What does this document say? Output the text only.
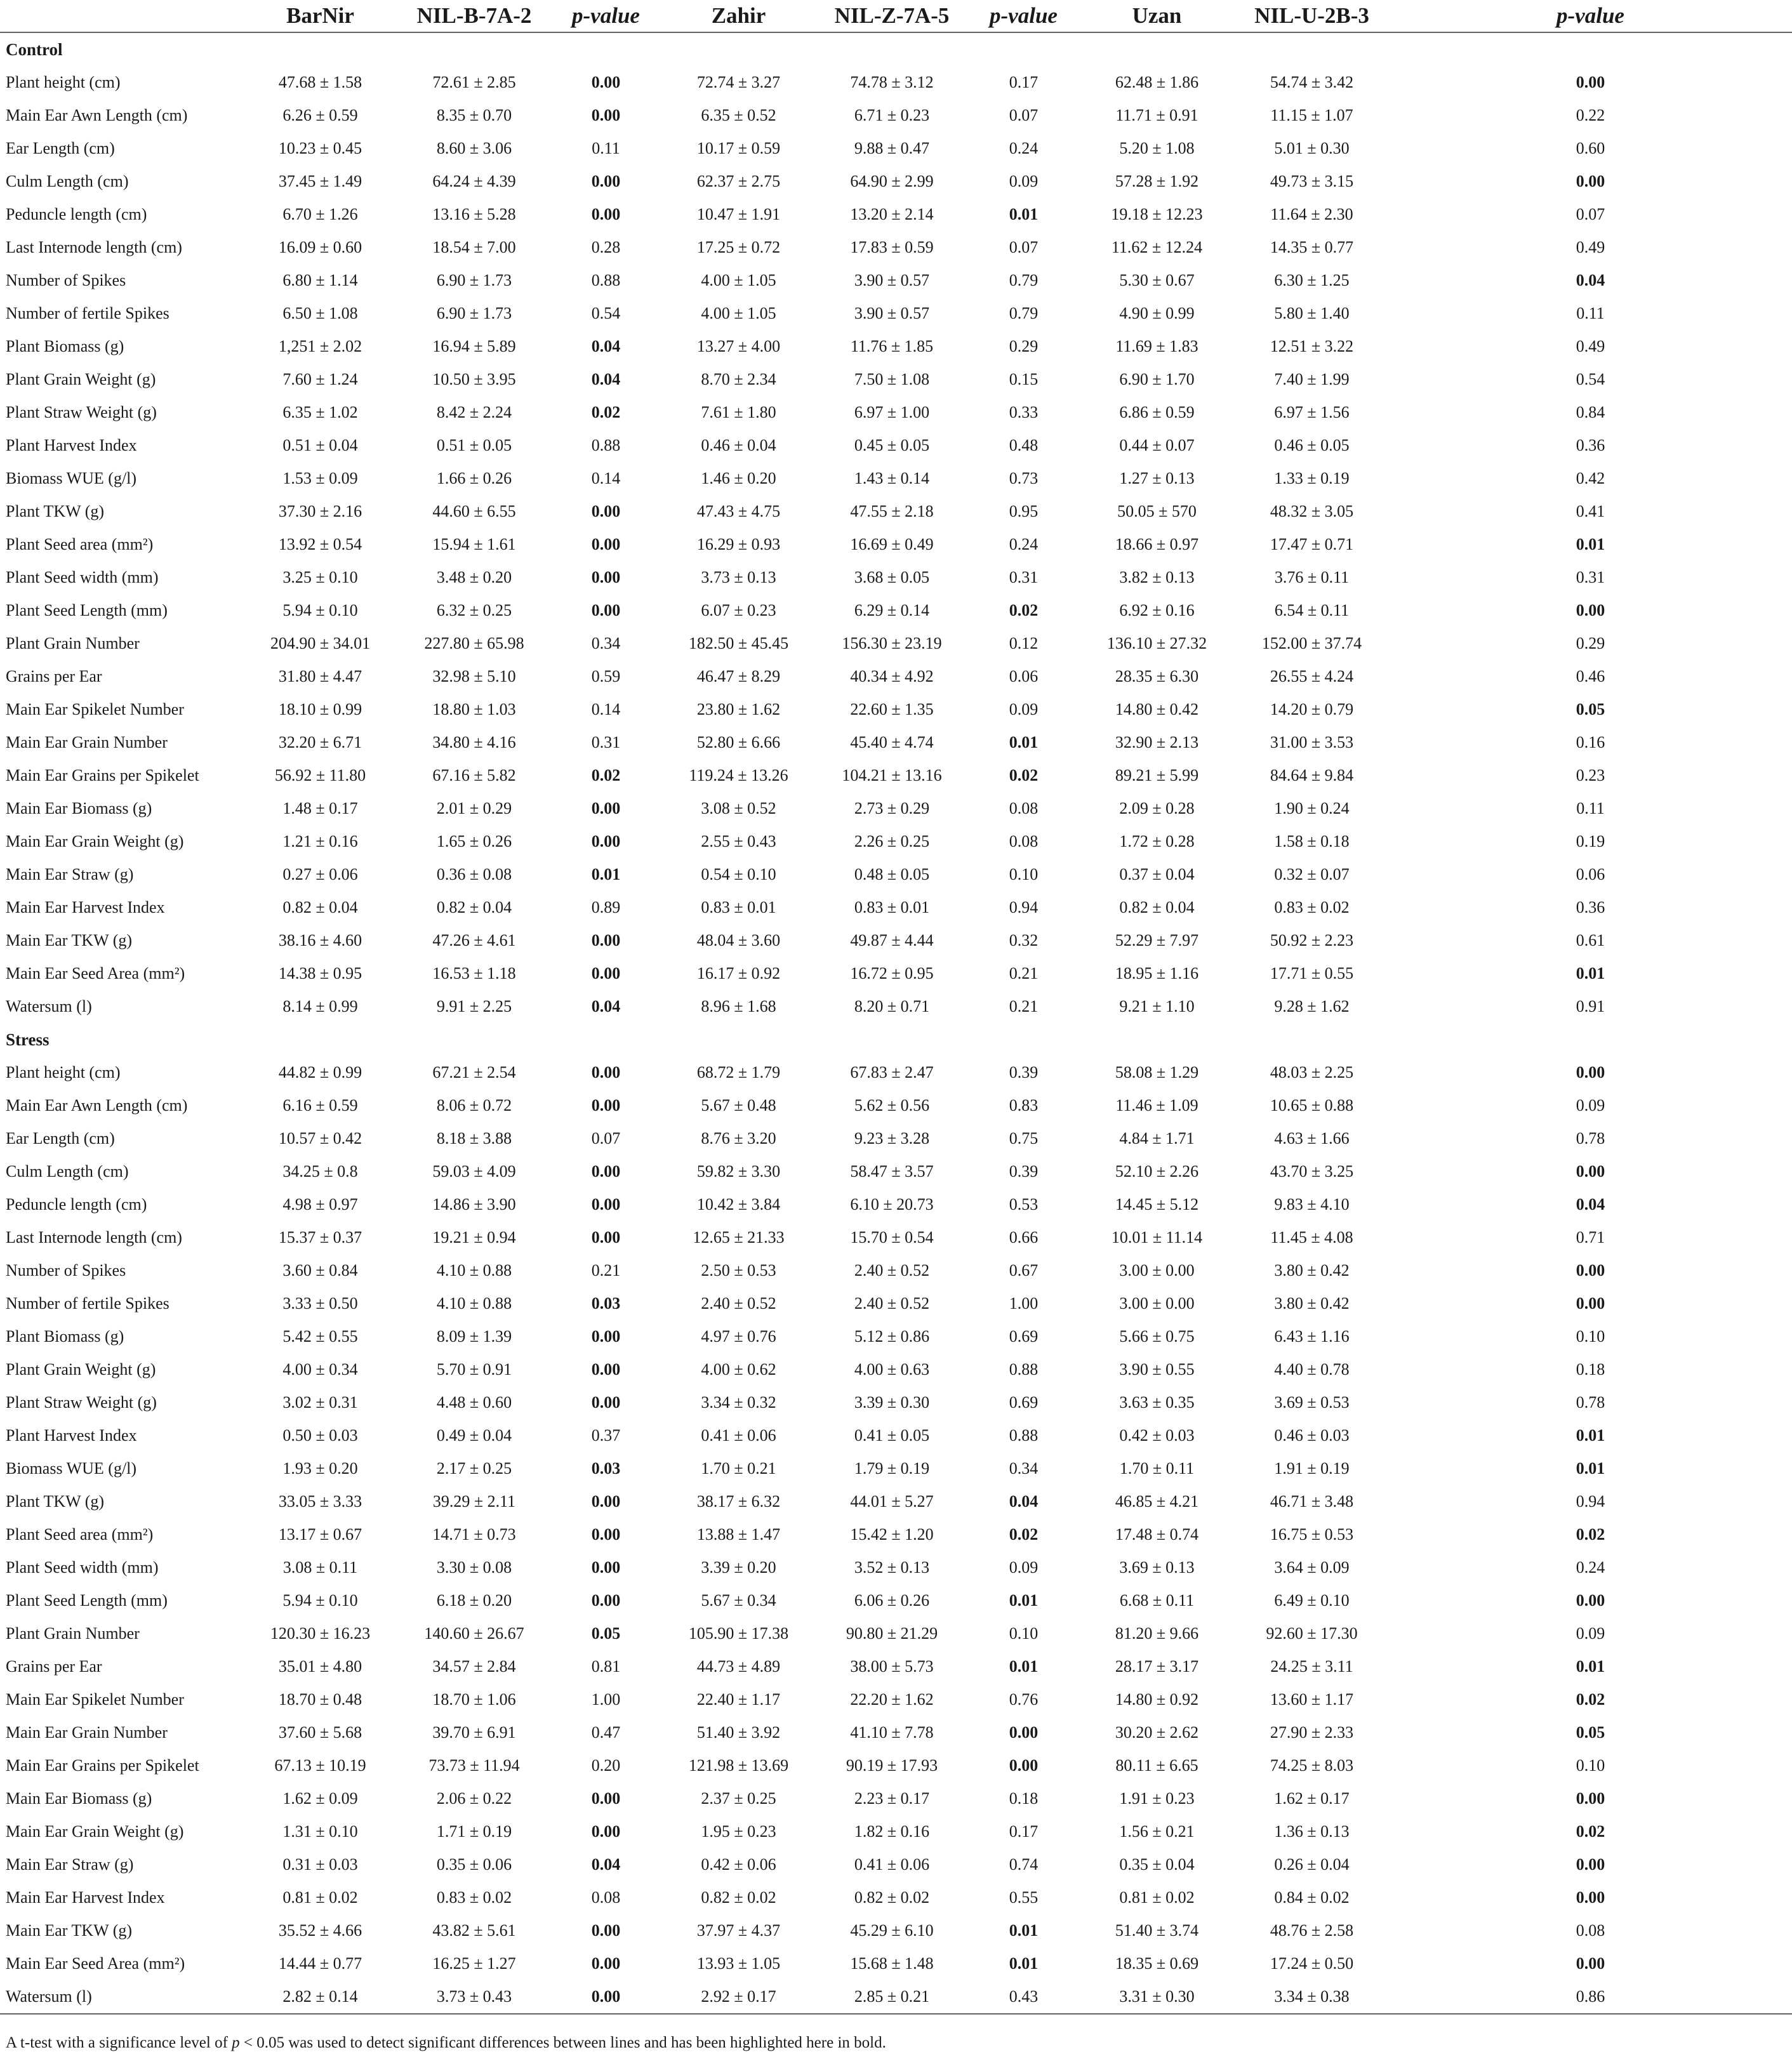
	BarNir	NIL-B-7A-2	p-value	Zahir	NIL-Z-7A-5	p-value	Uzan	NIL-U-2B-3	p-value
Control									
Plant height (cm)	47.68 ± 1.58	72.61 ± 2.85	0.00	72.74 ± 3.27	74.78 ± 3.12	0.17	62.48 ± 1.86	54.74 ± 3.42	0.00
Main Ear Awn Length (cm)	6.26 ± 0.59	8.35 ± 0.70	0.00	6.35 ± 0.52	6.71 ± 0.23	0.07	11.71 ± 0.91	11.15 ± 1.07	0.22
Ear Length (cm)	10.23 ± 0.45	8.60 ± 3.06	0.11	10.17 ± 0.59	9.88 ± 0.47	0.24	5.20 ± 1.08	5.01 ± 0.30	0.60
Culm Length (cm)	37.45 ± 1.49	64.24 ± 4.39	0.00	62.37 ± 2.75	64.90 ± 2.99	0.09	57.28 ± 1.92	49.73 ± 3.15	0.00
Peduncle length (cm)	6.70 ± 1.26	13.16 ± 5.28	0.00	10.47 ± 1.91	13.20 ± 2.14	0.01	19.18 ± 12.23	11.64 ± 2.30	0.07
Last Internode length (cm)	16.09 ± 0.60	18.54 ± 7.00	0.28	17.25 ± 0.72	17.83 ± 0.59	0.07	11.62 ± 12.24	14.35 ± 0.77	0.49
Number of Spikes	6.80 ± 1.14	6.90 ± 1.73	0.88	4.00 ± 1.05	3.90 ± 0.57	0.79	5.30 ± 0.67	6.30 ± 1.25	0.04
Number of fertile Spikes	6.50 ± 1.08	6.90 ± 1.73	0.54	4.00 ± 1.05	3.90 ± 0.57	0.79	4.90 ± 0.99	5.80 ± 1.40	0.11
Plant Biomass (g)	1,251 ± 2.02	16.94 ± 5.89	0.04	13.27 ± 4.00	11.76 ± 1.85	0.29	11.69 ± 1.83	12.51 ± 3.22	0.49
Plant Grain Weight (g)	7.60 ± 1.24	10.50 ± 3.95	0.04	8.70 ± 2.34	7.50 ± 1.08	0.15	6.90 ± 1.70	7.40 ± 1.99	0.54
Plant Straw Weight (g)	6.35 ± 1.02	8.42 ± 2.24	0.02	7.61 ± 1.80	6.97 ± 1.00	0.33	6.86 ± 0.59	6.97 ± 1.56	0.84
Plant Harvest Index	0.51 ± 0.04	0.51 ± 0.05	0.88	0.46 ± 0.04	0.45 ± 0.05	0.48	0.44 ± 0.07	0.46 ± 0.05	0.36
Biomass WUE (g/l)	1.53 ± 0.09	1.66 ± 0.26	0.14	1.46 ± 0.20	1.43 ± 0.14	0.73	1.27 ± 0.13	1.33 ± 0.19	0.42
Plant TKW (g)	37.30 ± 2.16	44.60 ± 6.55	0.00	47.43 ± 4.75	47.55 ± 2.18	0.95	50.05 ± 570	48.32 ± 3.05	0.41
Plant Seed area (mm²)	13.92 ± 0.54	15.94 ± 1.61	0.00	16.29 ± 0.93	16.69 ± 0.49	0.24	18.66 ± 0.97	17.47 ± 0.71	0.01
Plant Seed width (mm)	3.25 ± 0.10	3.48 ± 0.20	0.00	3.73 ± 0.13	3.68 ± 0.05	0.31	3.82 ± 0.13	3.76 ± 0.11	0.31
Plant Seed Length (mm)	5.94 ± 0.10	6.32 ± 0.25	0.00	6.07 ± 0.23	6.29 ± 0.14	0.02	6.92 ± 0.16	6.54 ± 0.11	0.00
Plant Grain Number	204.90 ± 34.01	227.80 ± 65.98	0.34	182.50 ± 45.45	156.30 ± 23.19	0.12	136.10 ± 27.32	152.00 ± 37.74	0.29
Grains per Ear	31.80 ± 4.47	32.98 ± 5.10	0.59	46.47 ± 8.29	40.34 ± 4.92	0.06	28.35 ± 6.30	26.55 ± 4.24	0.46
Main Ear Spikelet Number	18.10 ± 0.99	18.80 ± 1.03	0.14	23.80 ± 1.62	22.60 ± 1.35	0.09	14.80 ± 0.42	14.20 ± 0.79	0.05
Main Ear Grain Number	32.20 ± 6.71	34.80 ± 4.16	0.31	52.80 ± 6.66	45.40 ± 4.74	0.01	32.90 ± 2.13	31.00 ± 3.53	0.16
Main Ear Grains per Spikelet	56.92 ± 11.80	67.16 ± 5.82	0.02	119.24 ± 13.26	104.21 ± 13.16	0.02	89.21 ± 5.99	84.64 ± 9.84	0.23
Main Ear Biomass (g)	1.48 ± 0.17	2.01 ± 0.29	0.00	3.08 ± 0.52	2.73 ± 0.29	0.08	2.09 ± 0.28	1.90 ± 0.24	0.11
Main Ear Grain Weight (g)	1.21 ± 0.16	1.65 ± 0.26	0.00	2.55 ± 0.43	2.26 ± 0.25	0.08	1.72 ± 0.28	1.58 ± 0.18	0.19
Main Ear Straw (g)	0.27 ± 0.06	0.36 ± 0.08	0.01	0.54 ± 0.10	0.48 ± 0.05	0.10	0.37 ± 0.04	0.32 ± 0.07	0.06
Main Ear Harvest Index	0.82 ± 0.04	0.82 ± 0.04	0.89	0.83 ± 0.01	0.83 ± 0.01	0.94	0.82 ± 0.04	0.83 ± 0.02	0.36
Main Ear TKW (g)	38.16 ± 4.60	47.26 ± 4.61	0.00	48.04 ± 3.60	49.87 ± 4.44	0.32	52.29 ± 7.97	50.92 ± 2.23	0.61
Main Ear Seed Area (mm²)	14.38 ± 0.95	16.53 ± 1.18	0.00	16.17 ± 0.92	16.72 ± 0.95	0.21	18.95 ± 1.16	17.71 ± 0.55	0.01
Watersum (l)	8.14 ± 0.99	9.91 ± 2.25	0.04	8.96 ± 1.68	8.20 ± 0.71	0.21	9.21 ± 1.10	9.28 ± 1.62	0.91
Stress									
Plant height (cm)	44.82 ± 0.99	67.21 ± 2.54	0.00	68.72 ± 1.79	67.83 ± 2.47	0.39	58.08 ± 1.29	48.03 ± 2.25	0.00
Main Ear Awn Length (cm)	6.16 ± 0.59	8.06 ± 0.72	0.00	5.67 ± 0.48	5.62 ± 0.56	0.83	11.46 ± 1.09	10.65 ± 0.88	0.09
Ear Length (cm)	10.57 ± 0.42	8.18 ± 3.88	0.07	8.76 ± 3.20	9.23 ± 3.28	0.75	4.84 ± 1.71	4.63 ± 1.66	0.78
Culm Length (cm)	34.25 ± 0.8	59.03 ± 4.09	0.00	59.82 ± 3.30	58.47 ± 3.57	0.39	52.10 ± 2.26	43.70 ± 3.25	0.00
Peduncle length (cm)	4.98 ± 0.97	14.86 ± 3.90	0.00	10.42 ± 3.84	6.10 ± 20.73	0.53	14.45 ± 5.12	9.83 ± 4.10	0.04
Last Internode length (cm)	15.37 ± 0.37	19.21 ± 0.94	0.00	12.65 ± 21.33	15.70 ± 0.54	0.66	10.01 ± 11.14	11.45 ± 4.08	0.71
Number of Spikes	3.60 ± 0.84	4.10 ± 0.88	0.21	2.50 ± 0.53	2.40 ± 0.52	0.67	3.00 ± 0.00	3.80 ± 0.42	0.00
Number of fertile Spikes	3.33 ± 0.50	4.10 ± 0.88	0.03	2.40 ± 0.52	2.40 ± 0.52	1.00	3.00 ± 0.00	3.80 ± 0.42	0.00
Plant Biomass (g)	5.42 ± 0.55	8.09 ± 1.39	0.00	4.97 ± 0.76	5.12 ± 0.86	0.69	5.66 ± 0.75	6.43 ± 1.16	0.10
Plant Grain Weight (g)	4.00 ± 0.34	5.70 ± 0.91	0.00	4.00 ± 0.62	4.00 ± 0.63	0.88	3.90 ± 0.55	4.40 ± 0.78	0.18
Plant Straw Weight (g)	3.02 ± 0.31	4.48 ± 0.60	0.00	3.34 ± 0.32	3.39 ± 0.30	0.69	3.63 ± 0.35	3.69 ± 0.53	0.78
Plant Harvest Index	0.50 ± 0.03	0.49 ± 0.04	0.37	0.41 ± 0.06	0.41 ± 0.05	0.88	0.42 ± 0.03	0.46 ± 0.03	0.01
Biomass WUE (g/l)	1.93 ± 0.20	2.17 ± 0.25	0.03	1.70 ± 0.21	1.79 ± 0.19	0.34	1.70 ± 0.11	1.91 ± 0.19	0.01
Plant TKW (g)	33.05 ± 3.33	39.29 ± 2.11	0.00	38.17 ± 6.32	44.01 ± 5.27	0.04	46.85 ± 4.21	46.71 ± 3.48	0.94
Plant Seed area (mm²)	13.17 ± 0.67	14.71 ± 0.73	0.00	13.88 ± 1.47	15.42 ± 1.20	0.02	17.48 ± 0.74	16.75 ± 0.53	0.02
Plant Seed width (mm)	3.08 ± 0.11	3.30 ± 0.08	0.00	3.39 ± 0.20	3.52 ± 0.13	0.09	3.69 ± 0.13	3.64 ± 0.09	0.24
Plant Seed Length (mm)	5.94 ± 0.10	6.18 ± 0.20	0.00	5.67 ± 0.34	6.06 ± 0.26	0.01	6.68 ± 0.11	6.49 ± 0.10	0.00
Plant Grain Number	120.30 ± 16.23	140.60 ± 26.67	0.05	105.90 ± 17.38	90.80 ± 21.29	0.10	81.20 ± 9.66	92.60 ± 17.30	0.09
Grains per Ear	35.01 ± 4.80	34.57 ± 2.84	0.81	44.73 ± 4.89	38.00 ± 5.73	0.01	28.17 ± 3.17	24.25 ± 3.11	0.01
Main Ear Spikelet Number	18.70 ± 0.48	18.70 ± 1.06	1.00	22.40 ± 1.17	22.20 ± 1.62	0.76	14.80 ± 0.92	13.60 ± 1.17	0.02
Main Ear Grain Number	37.60 ± 5.68	39.70 ± 6.91	0.47	51.40 ± 3.92	41.10 ± 7.78	0.00	30.20 ± 2.62	27.90 ± 2.33	0.05
Main Ear Grains per Spikelet	67.13 ± 10.19	73.73 ± 11.94	0.20	121.98 ± 13.69	90.19 ± 17.93	0.00	80.11 ± 6.65	74.25 ± 8.03	0.10
Main Ear Biomass (g)	1.62 ± 0.09	2.06 ± 0.22	0.00	2.37 ± 0.25	2.23 ± 0.17	0.18	1.91 ± 0.23	1.62 ± 0.17	0.00
Main Ear Grain Weight (g)	1.31 ± 0.10	1.71 ± 0.19	0.00	1.95 ± 0.23	1.82 ± 0.16	0.17	1.56 ± 0.21	1.36 ± 0.13	0.02
Main Ear Straw (g)	0.31 ± 0.03	0.35 ± 0.06	0.04	0.42 ± 0.06	0.41 ± 0.06	0.74	0.35 ± 0.04	0.26 ± 0.04	0.00
Main Ear Harvest Index	0.81 ± 0.02	0.83 ± 0.02	0.08	0.82 ± 0.02	0.82 ± 0.02	0.55	0.81 ± 0.02	0.84 ± 0.02	0.00
Main Ear TKW (g)	35.52 ± 4.66	43.82 ± 5.61	0.00	37.97 ± 4.37	45.29 ± 6.10	0.01	51.40 ± 3.74	48.76 ± 2.58	0.08
Main Ear Seed Area (mm²)	14.44 ± 0.77	16.25 ± 1.27	0.00	13.93 ± 1.05	15.68 ± 1.48	0.01	18.35 ± 0.69	17.24 ± 0.50	0.00
Watersum (l)	2.82 ± 0.14	3.73 ± 0.43	0.00	2.92 ± 0.17	2.85 ± 0.21	0.43	3.31 ± 0.30	3.34 ± 0.38	0.86
A t-test with a significance level of p < 0.05 was used to detect significant differences between lines and has been highlighted here in bold.
